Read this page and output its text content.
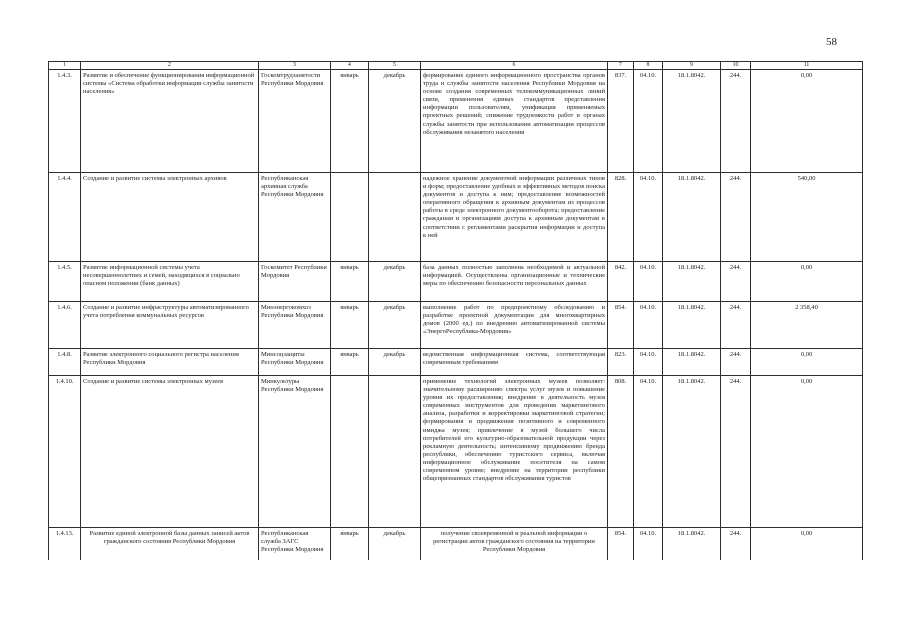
58
1	2	3	4	5	6	7	8	9	10	11
1.4.3.	Развитие и обеспечение функционирования информационной системы «Система обработки информации службы занятости населения»	Госкомтрудзанятости Республики Мордовия	январь	декабрь	формирование единого информационного пространства органов труда и службы занятости населения Республики Мордовия на основе создания современных телекоммуникационных линий связи, применения единых стандартов представления информации пользователям, унификация применяемых проектных решений; снижение трудоемкости работ в органах службы занятости при использовании автоматизации процессов обслуживания незанятого населения	837.	04.10.	18.1.8042.	244.	0,00
1.4.4.	Создание и развитие системы электронных архивов	Республиканская архивная служба Республики Мордовия			надежное хранение документной информации различных типов и форм; предоставление удобных и эффективных методов поиска документов и доступа к ним; предоставление возможностей оперативного обращения к архивным документам из процессов работы в среде электронного документооборота; предоставление гражданам и организациям доступа к архивным документам в соответствии с регламентами раскрытия информации и доступа к ней	828.	04.10.	18.1.8042.	244.	540,00
1.4.5.	Развитие информационной системы учета несовершеннолетних и семей, находящихся в социально опасном положении (банк данных)	Госкомитет Республики Мордовия	январь	декабрь	база данных полностью заполнена необходимой и актуальной информацией. Осуществлены организационные и технические меры по обеспечению безопасности персональных данных	842.	04.10.	18.1.8042.	244.	0,00
1.4.6.	Создание и развитие инфраструктуры автоматизированного учета потребления коммунальных ресурсов	Минэнергокомхоз Республики Мордовия	январь	декабрь	выполнение работ по предпроектному обследованию и разработке проектной документации для многоквартирных домов (2000 ед.) по внедрению автоматизированной системы «ЭнергоРеспублика-Мордовия»	854.	04.10.	18.1.8042.	244.	2 358,40
1.4.8.	Развитие электронного социального регистра населения Республики Мордовия	Минсоцзащиты Республики Мордовия	январь	декабрь	ведомственная информационная система, соответствующая современным требованиям	823.	04.10.	18.1.8042.	244.	0,00
1.4.10.	Создание и развитие системы электронных музеев	Минкультуры Республики Мордовия			применение технологий электронных музеев позволяет: значительному расширению спектра услуг музея и повышение уровня их предоставления; внедрение в деятельность музея современных инструментов для проведения маркетингового анализа, разработки и корректировки маркетинговой стратегии; формирования и продвижения позитивного и современного имиджа музея; привлечение в музей большего числа потребителей его культурно-образовательной продукции через рекламную деятельность; интенсивному продвижению бренда республики, обеспечению туристского сервиса, включая информационное обслуживание посетителя на самом современном уровне; внедрение на территории республики общепризнанных стандартов обслуживания туристов	808.	04.10.	18.1.8042.	244.	0,00
1.4.13.	Развитие единой электронной базы данных записей актов гражданского состояния Республики Мордовия	Республиканская служба ЗАГС Республики Мордовия	январь	декабрь	получение своевременной и реальной информации о регистрации актов гражданского состояния на территории Республики Мордовия	854.	04.10.	18.1.8042.	244.	0,00
